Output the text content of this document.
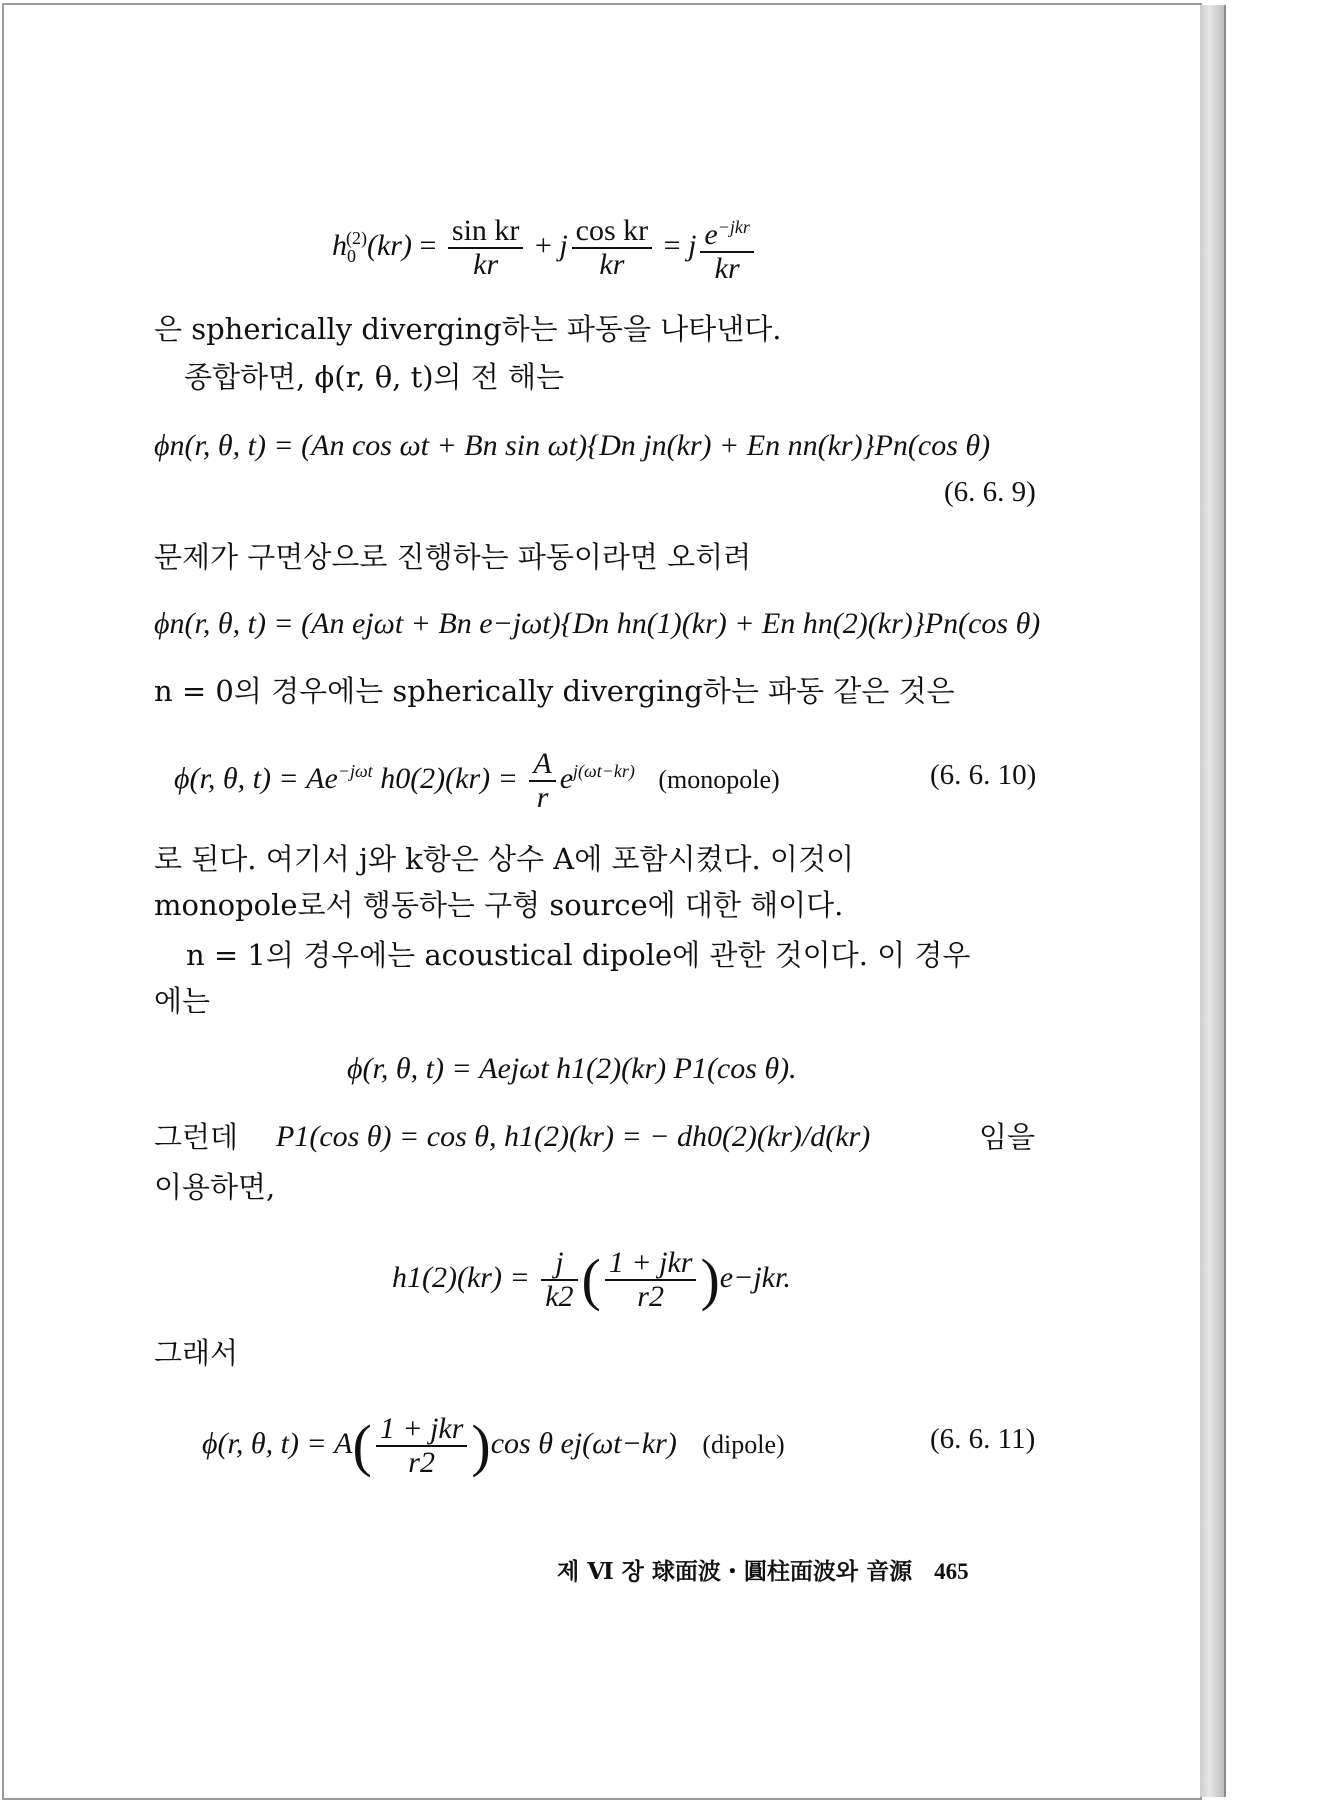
$h_0^{(2)}(kr) = \frac{\text{sin kr}}{kr} + j \frac{\text{cos kr}}{kr} = j \frac{e^{-jkr}}{kr}$
은 spherically diverging하는 파동을 나타낸다.
종합하면, ϕ(r, θ, t)의 전 해는
ϕn(r, θ, t) = (An cos ωt + Bn sin ωt){Dn jn(kr) + En nn(kr)}Pn(cos θ)
(6. 6. 9)
문제가 구면상으로 진행하는 파동이라면 오히려
ϕn(r, θ, t) = (An ejωt + Bn e−jωt){Dn hn(1)(kr) + En hn(2)(kr)}Pn(cos θ)
n = 0의 경우에는 spherically diverging하는 파동 같은 것은
ϕ(r, θ, $t) = Ae^{-j\omega t}$ $h0(2)(kr) = \frac{A}{r} e^{j(\omega t-kr)}$ (monopole)	(6. 6. 10)
로 된다. 여기서 j와 k항은 상수 A에 포함시켰다. 이것이
monopole로서 행동하는 구형 source에 대한 해이다.
n = 1의 경우에는 acoustical dipole에 관한 것이다. 이 경우
에는
ϕ(r, θ, t) = Aejωt h1(2)(kr) P1(cos θ).
그런데 P1(cos θ) = cos θ, h1(2)(kr) = − dh0(2)(kr)/d(kr)	임을
이용하면,
$h1(2)(kr) = \frac{j}{k2}$ ( $\frac{\text{1 + jkr}}{r2} )e-jkr$.
그래서
ϕ(r, θ, $t) = A( \frac{\text{1 + jkr}}{r2} )\cos$ θ ej(ωt−kr) (dipole)	(6. 6. 11)
제 Ⅵ 장 球面波・圓柱面波와 音源 465
